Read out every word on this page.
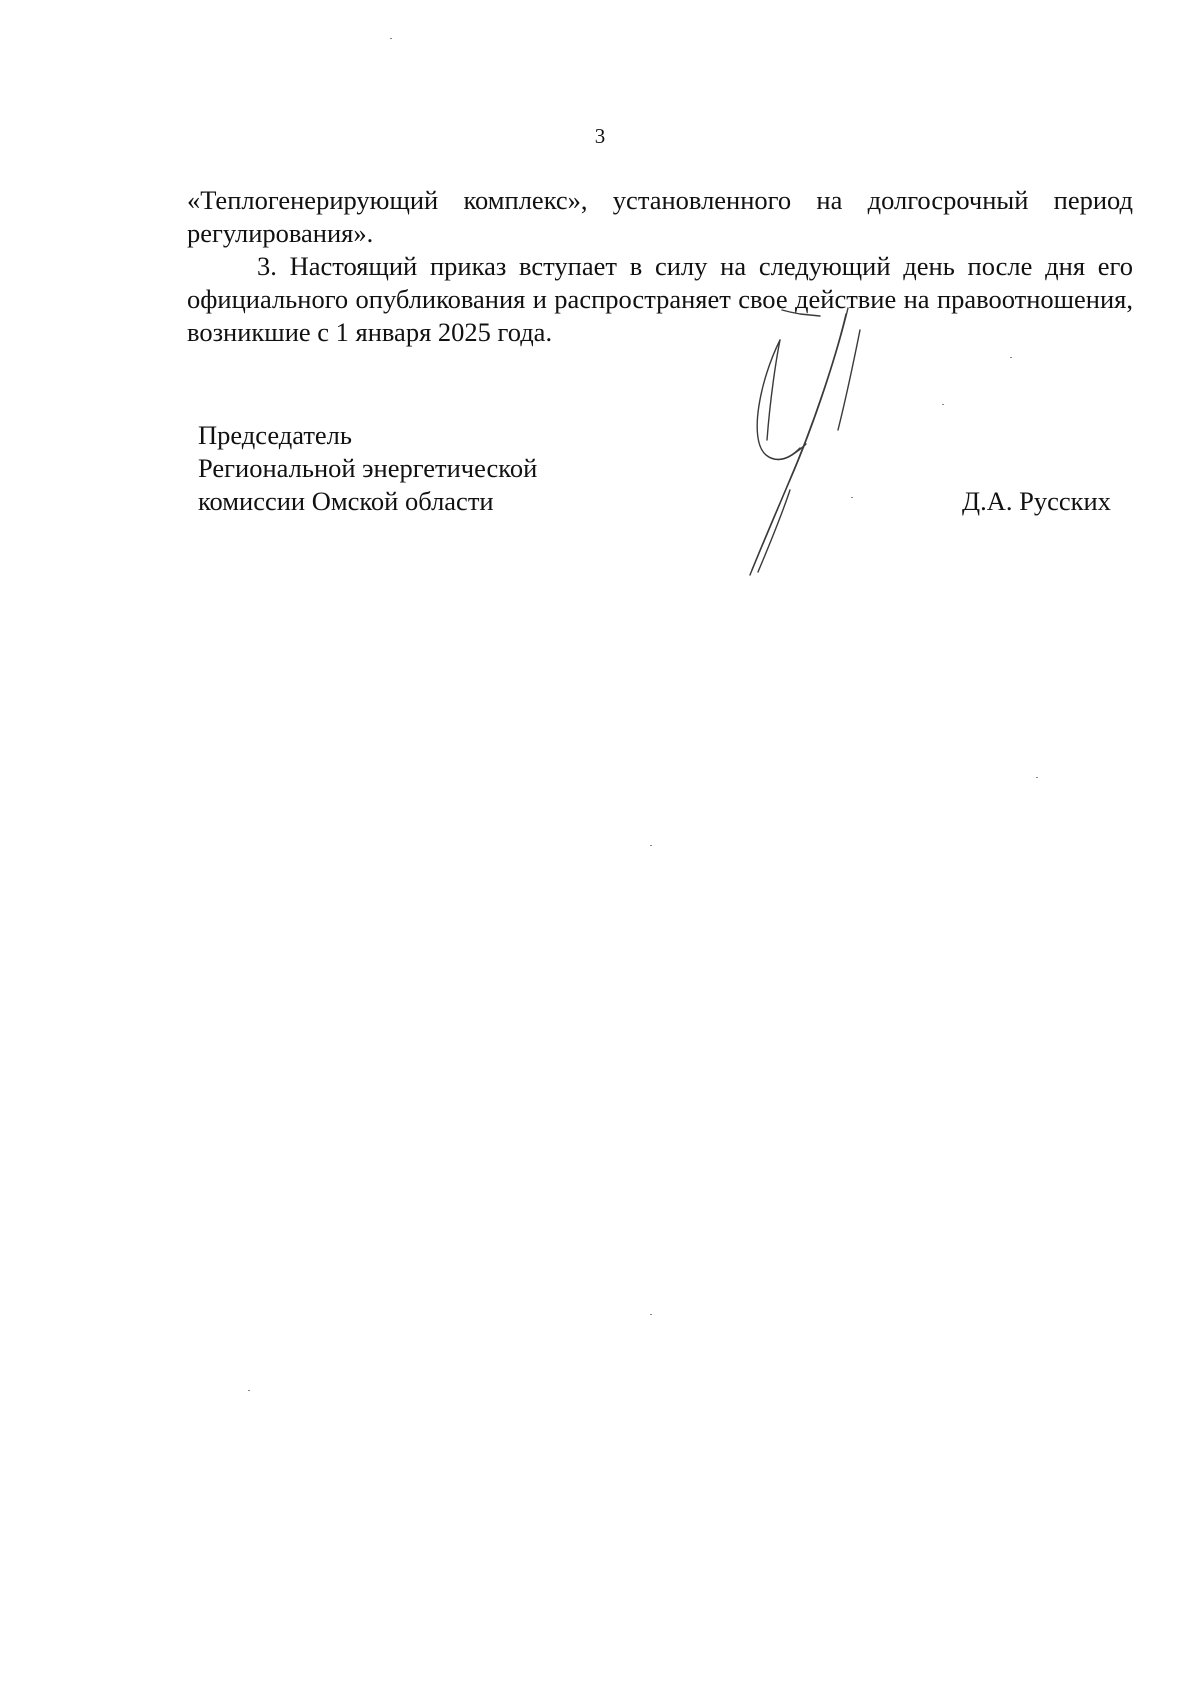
3

«Теплогенерирующий комплекс», установленного на долгосрочный период регулирования».

3. Настоящий приказ вступает в силу на следующий день после дня его официального опубликования и распространяет свое действие на правоотношения, возникшие с 1 января 2025 года.

Председатель
Региональной энергетической
комиссии Омской области	Д.А. Русских
